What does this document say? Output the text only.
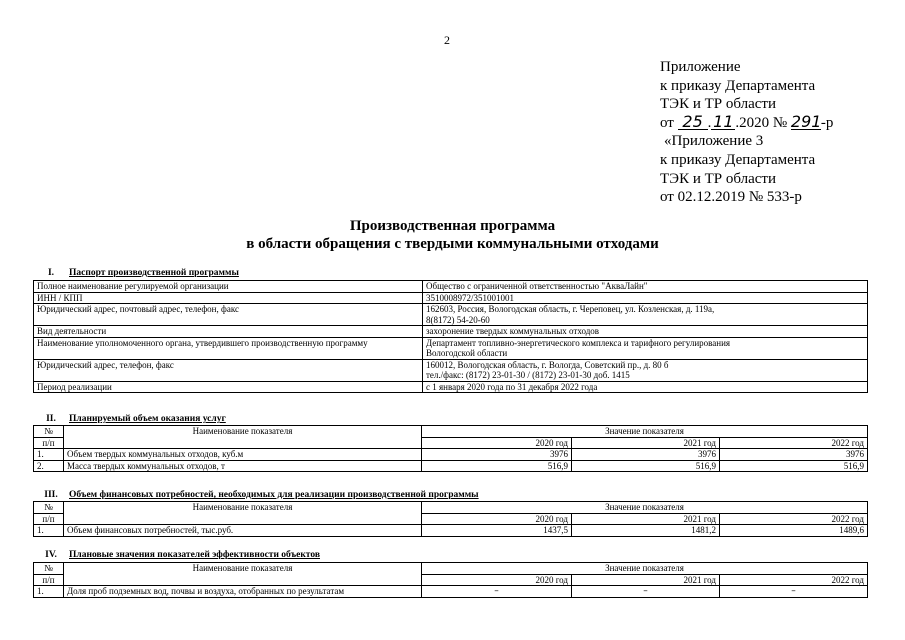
2
Приложение
к приказу Департамента
ТЭК и ТР области
от 25 . 11 .2020 № 291-р
«Приложение 3
к приказу Департамента
ТЭК и ТР области
от 02.12.2019 № 533-р
Производственная программа
в области обращения с твердыми коммунальными отходами
I. Паспорт производственной программы
Полное наименование регулируемой организации	Общество с ограниченной ответственностью "АкваЛайн"
ИНН / КПП	3510008972/351001001
Юридический адрес, почтовый адрес, телефон, факс	162603, Россия, Вологодская область, г. Череповец, ул. Козленская, д. 119а,
8(8172) 54-20-60

Вид деятельности	захоронение твердых коммунальных отходов
Наименование уполномоченного органа, утвердившего производственную программу	Департамент топливно-энергетического комплекса и тарифного регулирования
Вологодской области

Юридический адрес, телефон, факс	160012, Вологодская область, г. Вологда, Советский пр., д. 80 б
тел./факс: (8172) 23-01-30 / (8172) 23-01-30 доб. 1415

Период реализации	с 1 января 2020 года по 31 декабря 2022 года
II. Планируемый объем оказания услуг
№	Наименование показателя	Значение показателя		
п/п		2020 год	2021 год	2022 год
1.	Объем твердых коммунальных отходов, куб.м	3976	3976	3976
2.	Масса твердых коммунальных отходов, т	516,9	516,9	516,9
III. Объем финансовых потребностей, необходимых для реализации производственной программы
№	Наименование показателя	Значение показателя		
п/п		2020 год	2021 год	2022 год
1.	Объем финансовых потребностей, тыс.руб.	1437,5	1481,2	1489,6
IV. Плановые значения показателей эффективности объектов
№	Наименование показателя	Значение показателя		
п/п		2020 год	2021 год	2022 год
1.	Доля проб подземных вод, почвы и воздуха, отобранных по результатам	–	–	–
